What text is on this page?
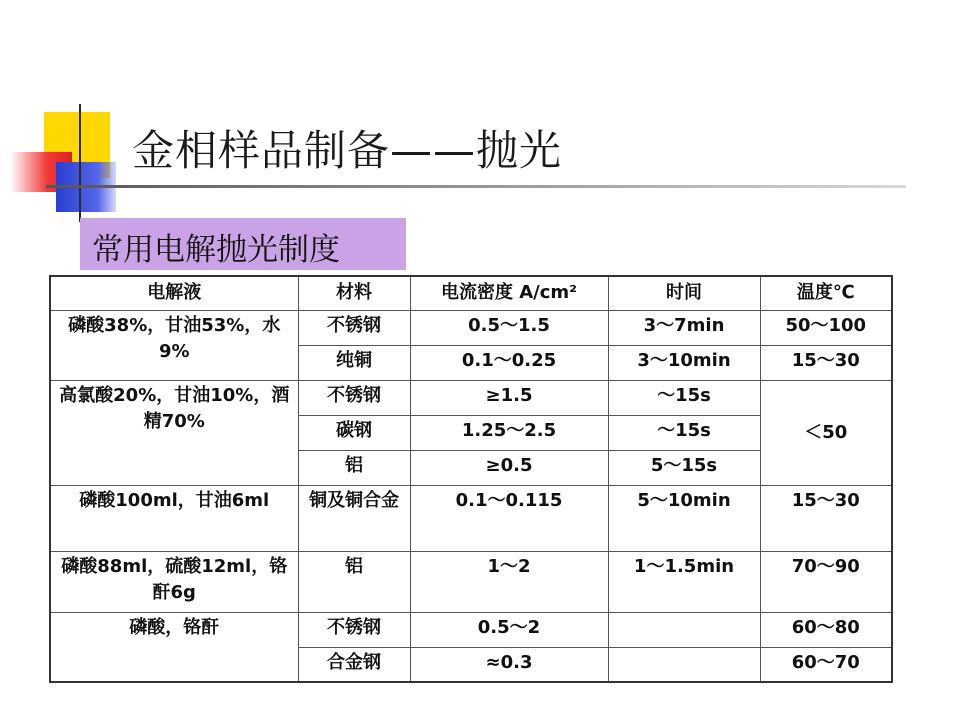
金相样品制备——抛光
常用电解抛光制度
电解液	材料	电流密度 A/cm²	时间	温度℃
磷酸38%，甘油53%，水9%	不锈钢	0.5～1.5	3～7min	50～100
	纯铜	0.1～0.25	3～10min	15～30
高氯酸20%，甘油10%，酒精70%	不锈钢	≥1.5	～15s	＜50
	碳钢	1.25～2.5	～15s	
	铝	≥0.5	5～15s	
磷酸100ml，甘油6ml	铜及铜合金	0.1～0.115	5～10min	15～30
磷酸88ml，硫酸12ml，铬酐6g	铝	1～2	1～1.5min	70～90
磷酸，铬酐	不锈钢	0.5～2		60～80
	合金钢	≈0.3		60～70
